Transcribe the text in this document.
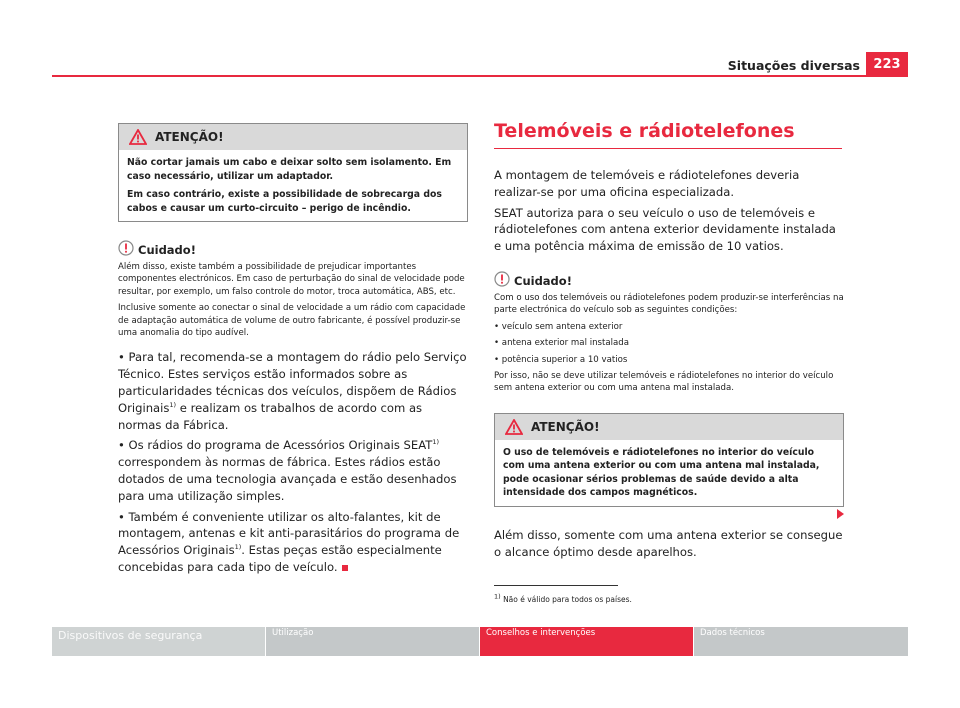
Situações diversas	223
ATENÇÃO!

Não cortar jamais um cabo e deixar solto sem isolamento. Em caso necessário, utilizar um adaptador.

Em caso contrário, existe a possibilidade de sobrecarga dos cabos e causar um curto-circuito – perigo de incêndio.

Cuidado!

Além disso, existe também a possibilidade de prejudicar importantes componentes electrónicos. Em caso de perturbação do sinal de velocidade pode resultar, por exemplo, um falso controle do motor, troca automática, ABS, etc.

Inclusive somente ao conectar o sinal de velocidade a um rádio com capacidade de adaptação automática de volume de outro fabricante, é possível produzir-se uma anomalia do tipo audível.

• Para tal, recomenda-se a montagem do rádio pelo Serviço Técnico. Estes serviços estão informados sobre as particularidades técnicas dos veículos, dispõem de Rádios Originais$^{1)}$ e realizam os trabalhos de acordo com as normas da Fábrica.

• Os rádios do programa de Acessórios Originais SEAT$^{1)}$ correspondem às normas de fábrica. Estes rádios estão dotados de uma tecnologia avançada e estão desenhados para uma utilização simples.

• Também é conveniente utilizar os alto-falantes, kit de montagem, antenas e kit anti-parasitários do programa de Acessórios Originais$^{1)}$. Estas peças estão especialmente concebidas para cada tipo de veículo.

Telemóveis e rádiotelefones

A montagem de telemóveis e rádiotelefones deveria realizar-se por uma oficina especializada.

SEAT autoriza para o seu veículo o uso de telemóveis e rádiotelefones com antena exterior devidamente instalada e uma potência máxima de emissão de 10 vatios.

Cuidado!

Com o uso dos telemóveis ou rádiotelefones podem produzir-se interferências na parte electrónica do veículo sob as seguintes condições:

• veículo sem antena exterior

• antena exterior mal instalada

• potência superior a 10 vatios

Por isso, não se deve utilizar telemóveis e rádiotelefones no interior do veículo sem antena exterior ou com uma antena mal instalada.

ATENÇÃO!

O uso de telemóveis e rádiotelefones no interior do veículo com uma antena exterior ou com uma antena mal instalada, pode ocasionar sérios problemas de saúde devido a alta intensidade dos campos magnéticos.

Além disso, somente com uma antena exterior se consegue o alcance óptimo desde aparelhos.

$^{1)}$ Não é válido para todos os países.
Dispositivos de segurança	Utilização	Conselhos e intervenções	Dados técnicos
